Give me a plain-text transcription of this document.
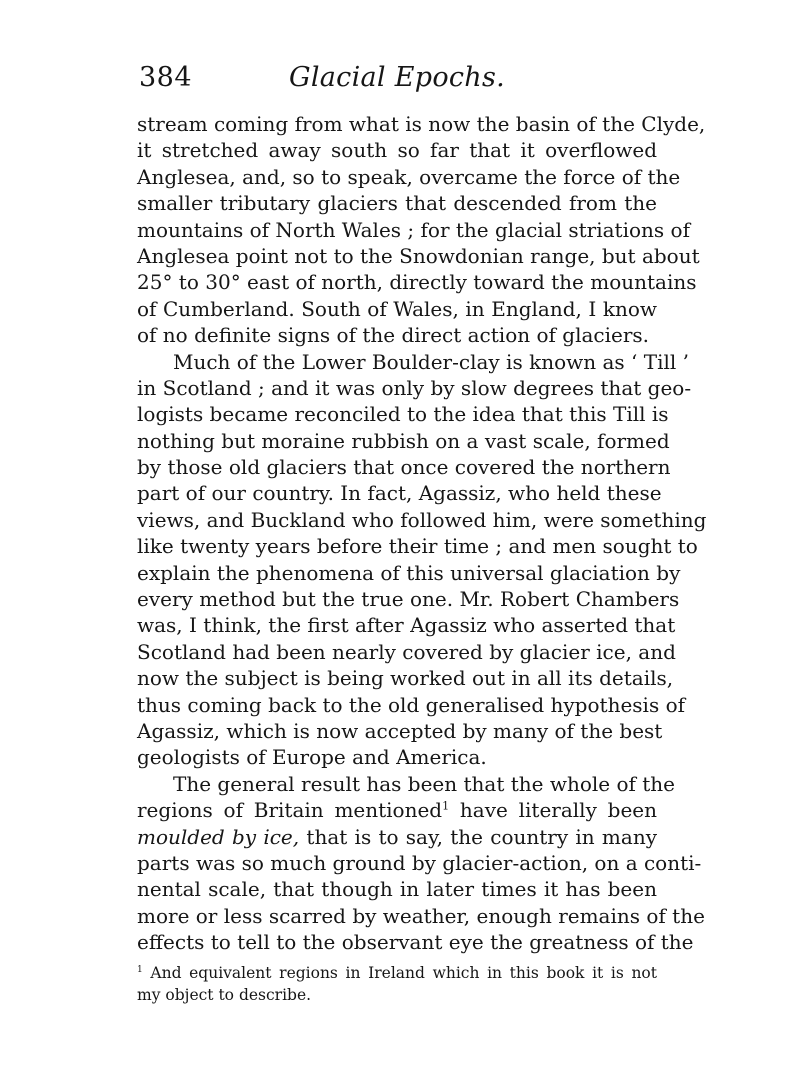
384	Glacial Epochs.
stream coming from what is now the basin of the Clyde,
it stretched away south so far that it overflowed
Anglesea, and, so to speak, overcame the force of the
smaller tributary glaciers that descended from the
mountains of North Wales ; for the glacial striations of
Anglesea point not to the Snowdonian range, but about
25° to 30° east of north, directly toward the mountains
of Cumberland. South of Wales, in England, I know
of no definite signs of the direct action of glaciers.
Much of the Lower Boulder-clay is known as ‘ Till ’
in Scotland ; and it was only by slow degrees that geo-
logists became reconciled to the idea that this Till is
nothing but moraine rubbish on a vast scale, formed
by those old glaciers that once covered the northern
part of our country. In fact, Agassiz, who held these
views, and Buckland who followed him, were something
like twenty years before their time ; and men sought to
explain the phenomena of this universal glaciation by
every method but the true one. Mr. Robert Chambers
was, I think, the first after Agassiz who asserted that
Scotland had been nearly covered by glacier ice, and
now the subject is being worked out in all its details,
thus coming back to the old generalised hypothesis of
Agassiz, which is now accepted by many of the best
geologists of Europe and America.
The general result has been that the whole of the
regions of Britain mentioned$^1$ have literally been
moulded by ice, that is to say, the country in many
parts was so much ground by glacier-action, on a conti-
nental scale, that though in later times it has been
more or less scarred by weather, enough remains of the
effects to tell to the observant eye the greatness of the
$^1$ And equivalent regions in Ireland which in this book it is not
my object to describe.
